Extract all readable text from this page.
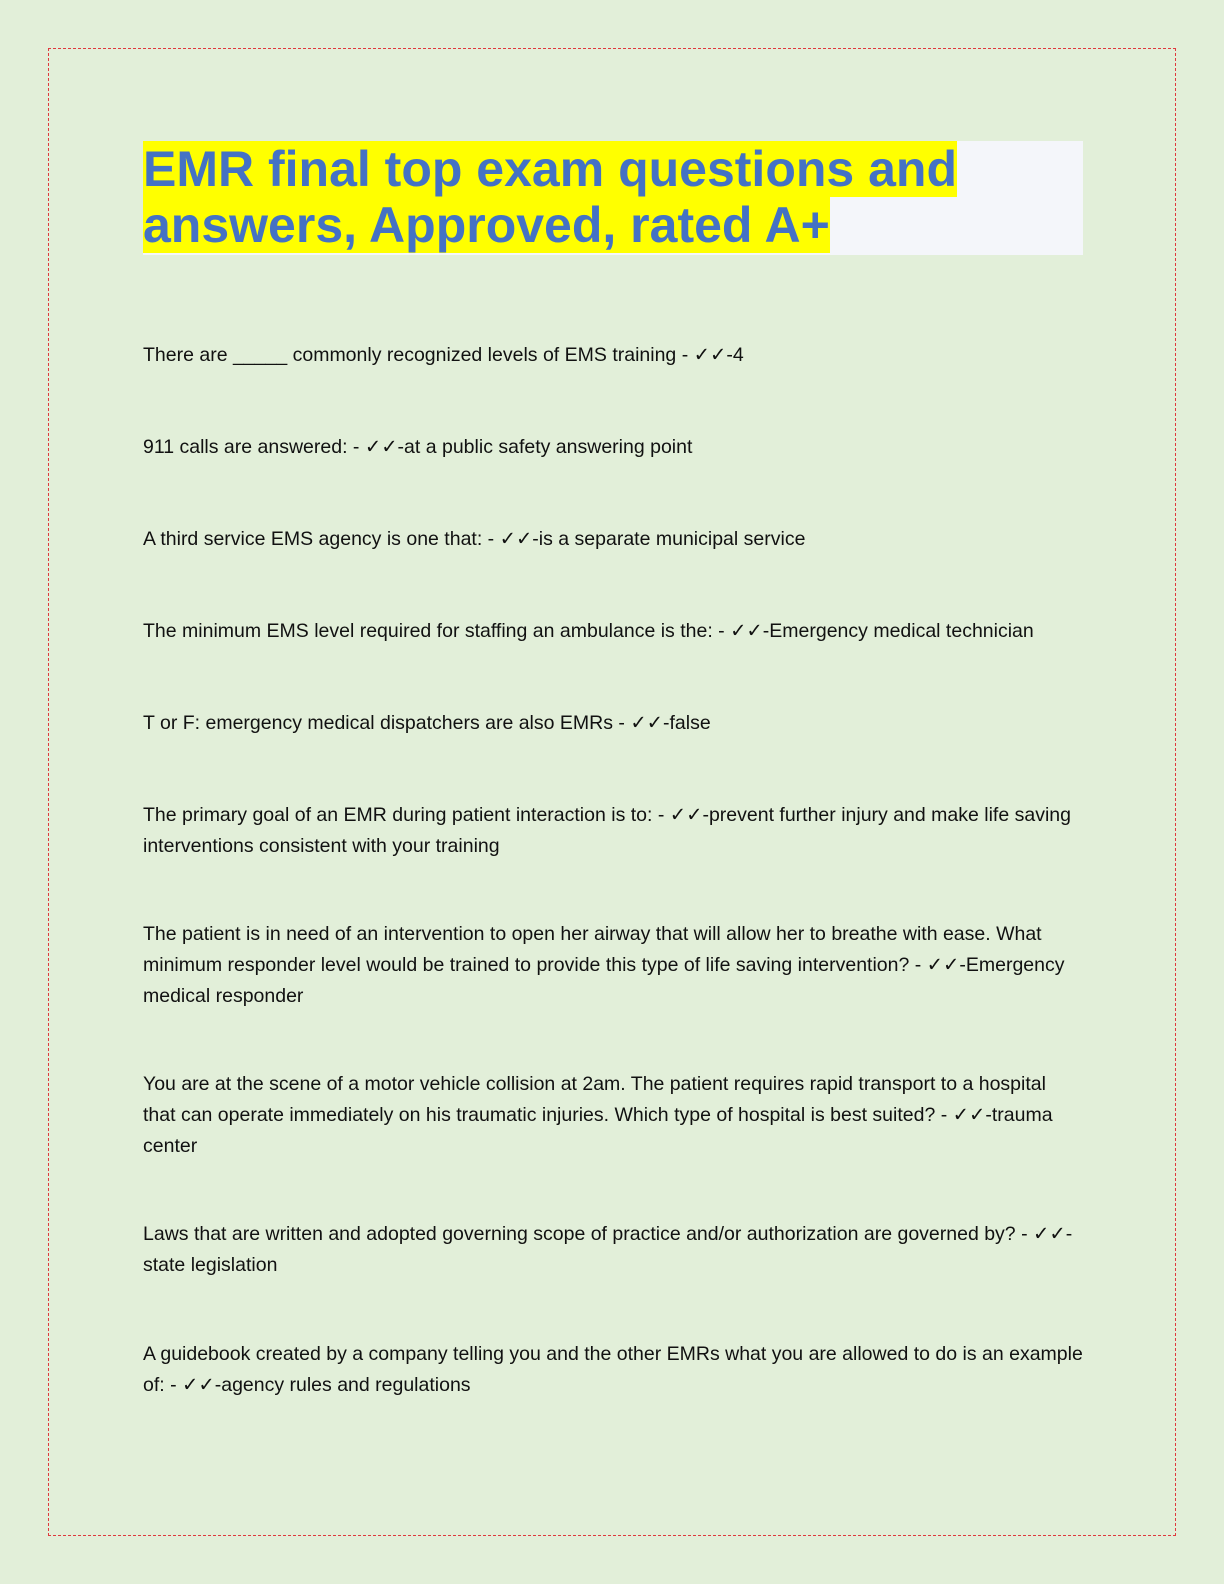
EMR final top exam questions and answers, Approved, rated A+
There are _____ commonly recognized levels of EMS training - ✓✓-4
911 calls are answered: - ✓✓-at a public safety answering point
A third service EMS agency is one that: - ✓✓-is a separate municipal service
The minimum EMS level required for staffing an ambulance is the: - ✓✓-Emergency medical technician
T or F: emergency medical dispatchers are also EMRs - ✓✓-false
The primary goal of an EMR during patient interaction is to: - ✓✓-prevent further injury and make life saving interventions consistent with your training
The patient is in need of an intervention to open her airway that will allow her to breathe with ease. What minimum responder level would be trained to provide this type of life saving intervention? - ✓✓-Emergency medical responder
You are at the scene of a motor vehicle collision at 2am. The patient requires rapid transport to a hospital that can operate immediately on his traumatic injuries. Which type of hospital is best suited? - ✓✓-trauma center
Laws that are written and adopted governing scope of practice and/or authorization are governed by? - ✓✓-state legislation
A guidebook created by a company telling you and the other EMRs what you are allowed to do is an example of: - ✓✓-agency rules and regulations
